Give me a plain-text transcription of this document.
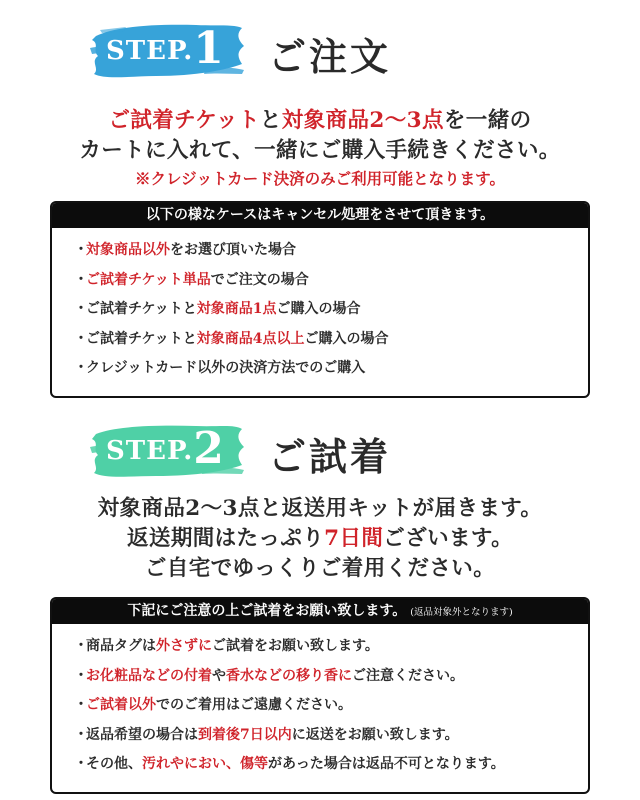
STEP.1 ご注文
ご試着チケットと対象商品2～3点を一緒の
カートに入れて、一緒にご購入手続きください。
※クレジットカード決済のみご利用可能となります。
以下の様なケースはキャンセル処理をさせて頂きます。
・対象商品以外をお選び頂いた場合
・ご試着チケット単品でご注文の場合
・ご試着チケットと対象商品1点ご購入の場合
・ご試着チケットと対象商品4点以上ご購入の場合
・クレジットカード以外の決済方法でのご購入
STEP.2 ご試着
対象商品2～3点と返送用キットが届きます。
返送期間はたっぷり7日間ございます。
ご自宅でゆっくりご着用ください。
下記にご注意の上ご試着をお願い致します。 (返品対象外となります)
・商品タグは外さずにご試着をお願い致します。
・お化粧品などの付着や香水などの移り香にご注意ください。
・ご試着以外でのご着用はご遠慮ください。
・返品希望の場合は到着後7日以内に返送をお願い致します。
・その他、汚れやにおい、傷等があった場合は返品不可となります。
